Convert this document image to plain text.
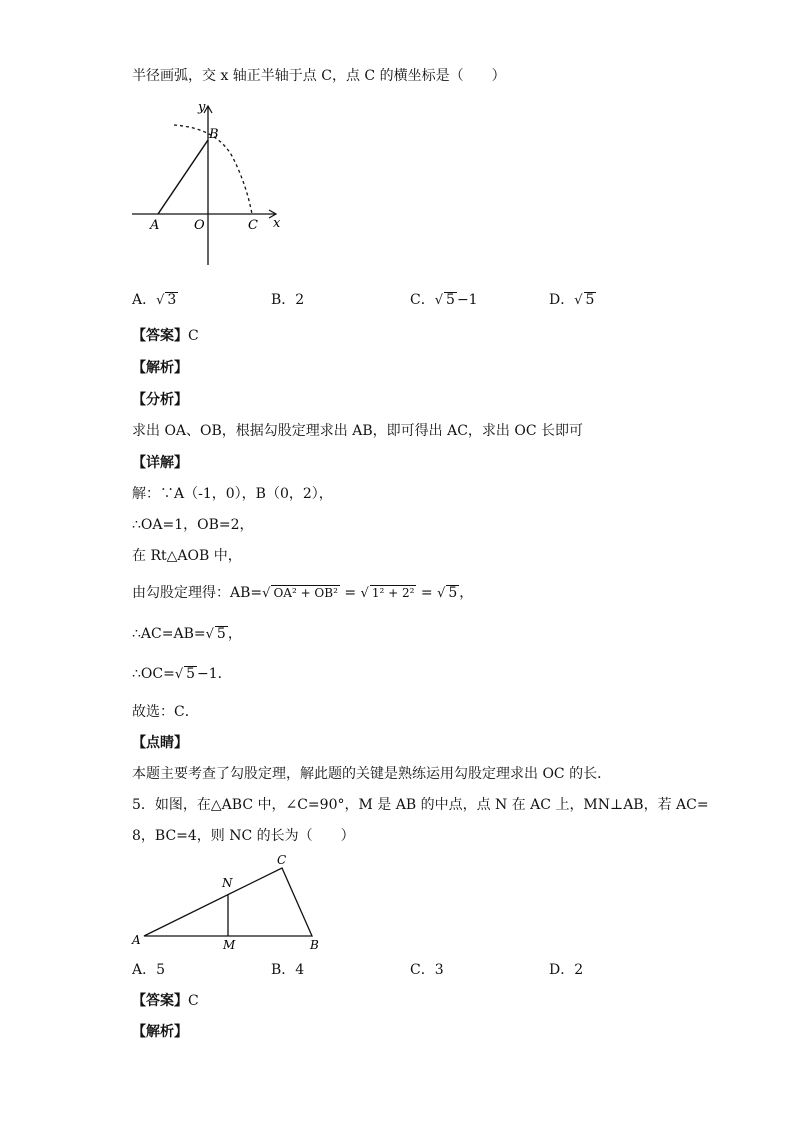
半径画弧，交 x 轴正半轴于点 C，点 C 的横坐标是（　　）
y
B
A	O	C x
A．√ 3	B．2	C．√ 5 −1	D．√ 5
【答案】C
【解析】
【分析】
求出 OA、OB，根据勾股定理求出 AB，即可得出 AC，求出 OC 长即可
【详解】
解：∵A（-1，0），B（0，2），
∴OA=1，OB=2，
在 Rt△AOB 中，
由勾股定理得：AB=√ OA² + OB² = √ 1² + 2² = √ 5 ，
∴AC=AB=√ 5 ，
∴OC=√ 5 −1．
故选：C．
【点睛】
本题主要考查了勾股定理，解此题的关键是熟练运用勾股定理求出 OC 的长．
5．如图，在△ABC 中，∠C=90°，M 是 AB 的中点，点 N 在 AC 上，MN⊥AB，若 AC=
8，BC=4，则 NC 的长为（　　）
C
N
A	M	B
A．5	B．4	C．3	D．2
【答案】C
【解析】
